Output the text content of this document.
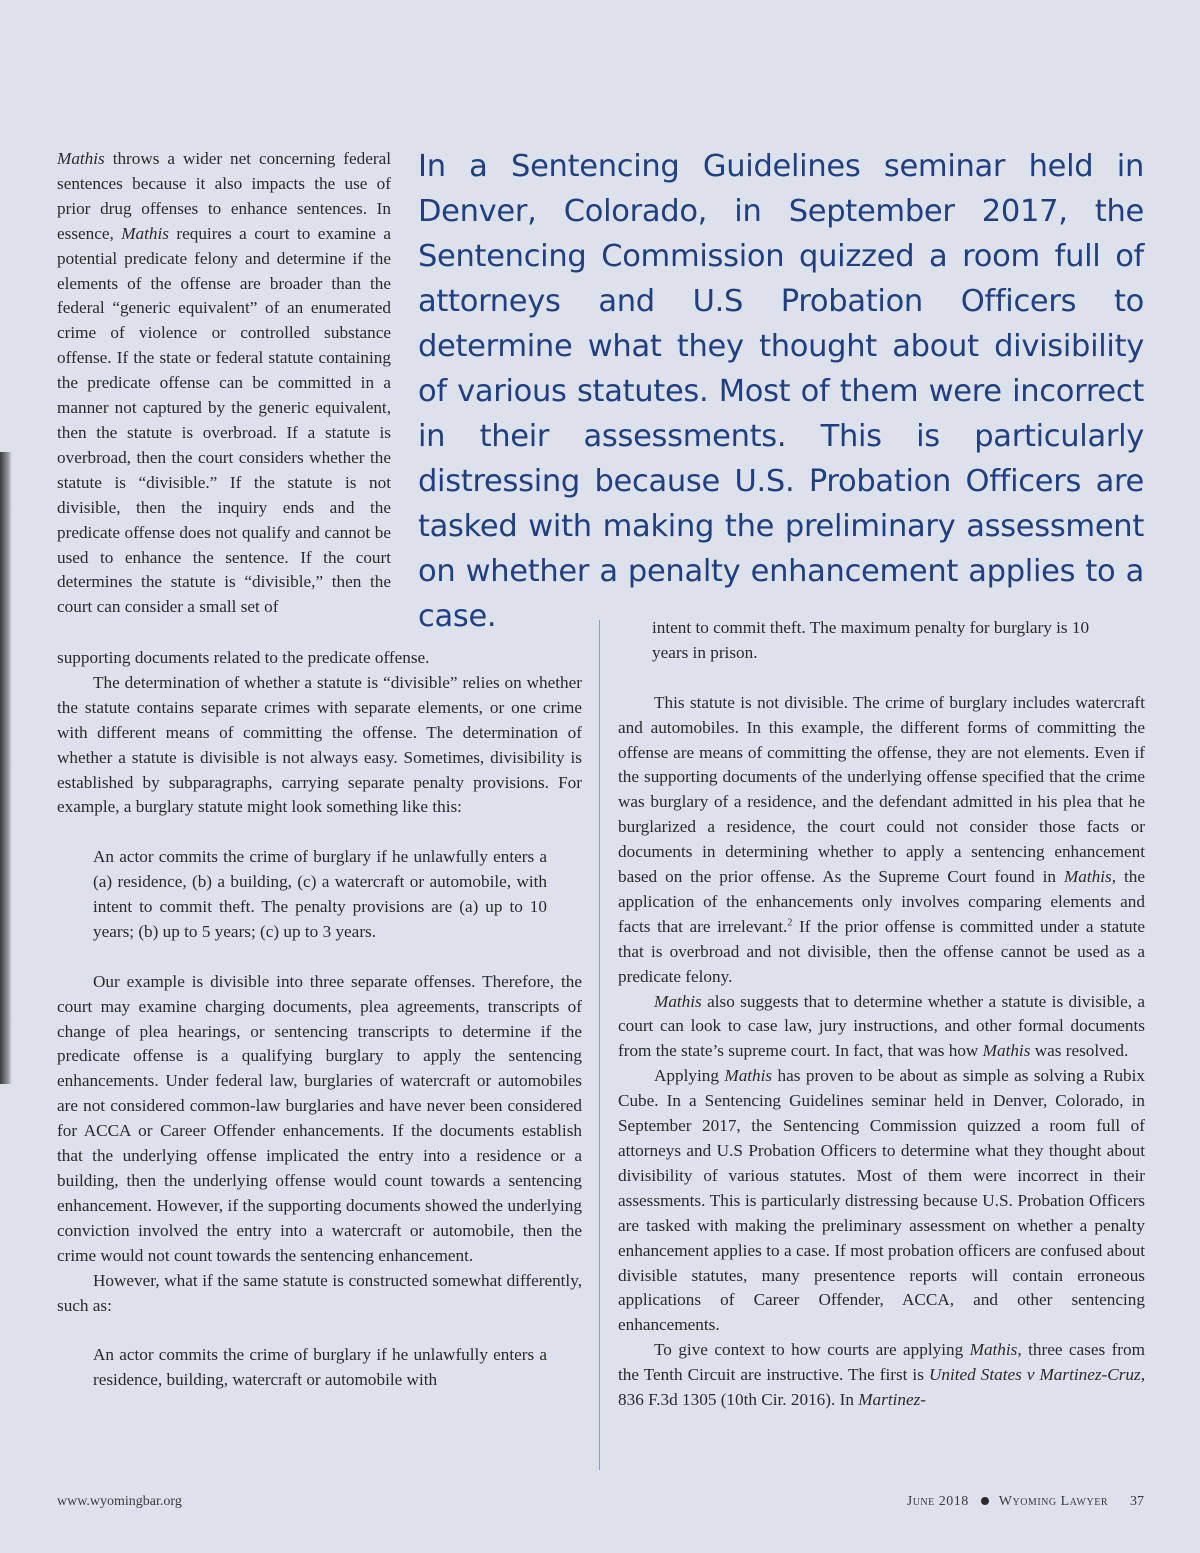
Mathis throws a wider net concerning federal sentences because it also impacts the use of prior drug offenses to enhance sentences. In essence, Mathis requires a court to examine a potential predicate felony and determine if the elements of the offense are broader than the federal “generic equivalent” of an enumerated crime of violence or controlled substance offense. If the state or federal statute containing the predicate offense can be committed in a manner not captured by the generic equivalent, then the statute is overbroad. If a statute is overbroad, then the court considers whether the statute is “divisible.” If the statute is not divisible, then the inquiry ends and the predicate offense does not qualify and cannot be used to enhance the sentence. If the court determines the statute is “divisible,” then the court can consider a small set of

In a Sentencing Guidelines seminar held in Denver, Colorado, in September 2017, the Sentencing Commission quizzed a room full of attorneys and U.S Probation Officers to determine what they thought about divisibility of various statutes. Most of them were incorrect in their assessments. This is particularly distressing because U.S. Probation Officers are tasked with making the preliminary assessment on whether a penalty enhancement applies to a case.

supporting documents related to the predicate offense.

The determination of whether a statute is “divisible” relies on whether the statute contains separate crimes with separate elements, or one crime with different means of committing the offense. The determination of whether a statute is divisible is not always easy. Sometimes, divisibility is established by subparagraphs, carrying separate penalty provisions. For example, a burglary statute might look something like this:

An actor commits the crime of burglary if he unlawfully enters a (a) residence, (b) a building, (c) a watercraft or automobile, with intent to commit theft. The penalty provisions are (a) up to 10 years; (b) up to 5 years; (c) up to 3 years.

Our example is divisible into three separate offenses. Therefore, the court may examine charging documents, plea agreements, transcripts of change of plea hearings, or sentencing transcripts to determine if the predicate offense is a qualifying burglary to apply the sentencing enhancements. Under federal law, burglaries of watercraft or automobiles are not considered common-law burglaries and have never been considered for ACCA or Career Offender enhancements. If the documents establish that the underlying offense implicated the entry into a residence or a building, then the underlying offense would count towards a sentencing enhancement. However, if the supporting documents showed the underlying conviction involved the entry into a watercraft or automobile, then the crime would not count towards the sentencing enhancement.

However, what if the same statute is constructed somewhat differently, such as:

An actor commits the crime of burglary if he unlawfully enters a residence, building, watercraft or automobile with

intent to commit theft. The maximum penalty for burglary is 10 years in prison.

This statute is not divisible. The crime of burglary includes watercraft and automobiles. In this example, the different forms of committing the offense are means of committing the offense, they are not elements. Even if the supporting documents of the underlying offense specified that the crime was burglary of a residence, and the defendant admitted in his plea that he burglarized a residence, the court could not consider those facts or documents in determining whether to apply a sentencing enhancement based on the prior offense. As the Supreme Court found in Mathis, the application of the enhancements only involves comparing elements and facts that are irrelevant.$^2$ If the prior offense is committed under a statute that is overbroad and not divisible, then the offense cannot be used as a predicate felony.

Mathis also suggests that to determine whether a statute is divisible, a court can look to case law, jury instructions, and other formal documents from the state’s supreme court. In fact, that was how Mathis was resolved.

Applying Mathis has proven to be about as simple as solving a Rubix Cube. In a Sentencing Guidelines seminar held in Denver, Colorado, in September 2017, the Sentencing Commission quizzed a room full of attorneys and U.S Probation Officers to determine what they thought about divisibility of various statutes. Most of them were incorrect in their assessments. This is particularly distressing because U.S. Probation Officers are tasked with making the preliminary assessment on whether a penalty enhancement applies to a case. If most probation officers are confused about divisible statutes, many presentence reports will contain erroneous applications of Career Offender, ACCA, and other sentencing enhancements.

To give context to how courts are applying Mathis, three cases from the Tenth Circuit are instructive. The first is United States v Martinez-Cruz, 836 F.3d 1305 (10th Cir. 2016). In Martinez-

www.wyomingbar.org	June 2018 Wyoming Lawyer 37
